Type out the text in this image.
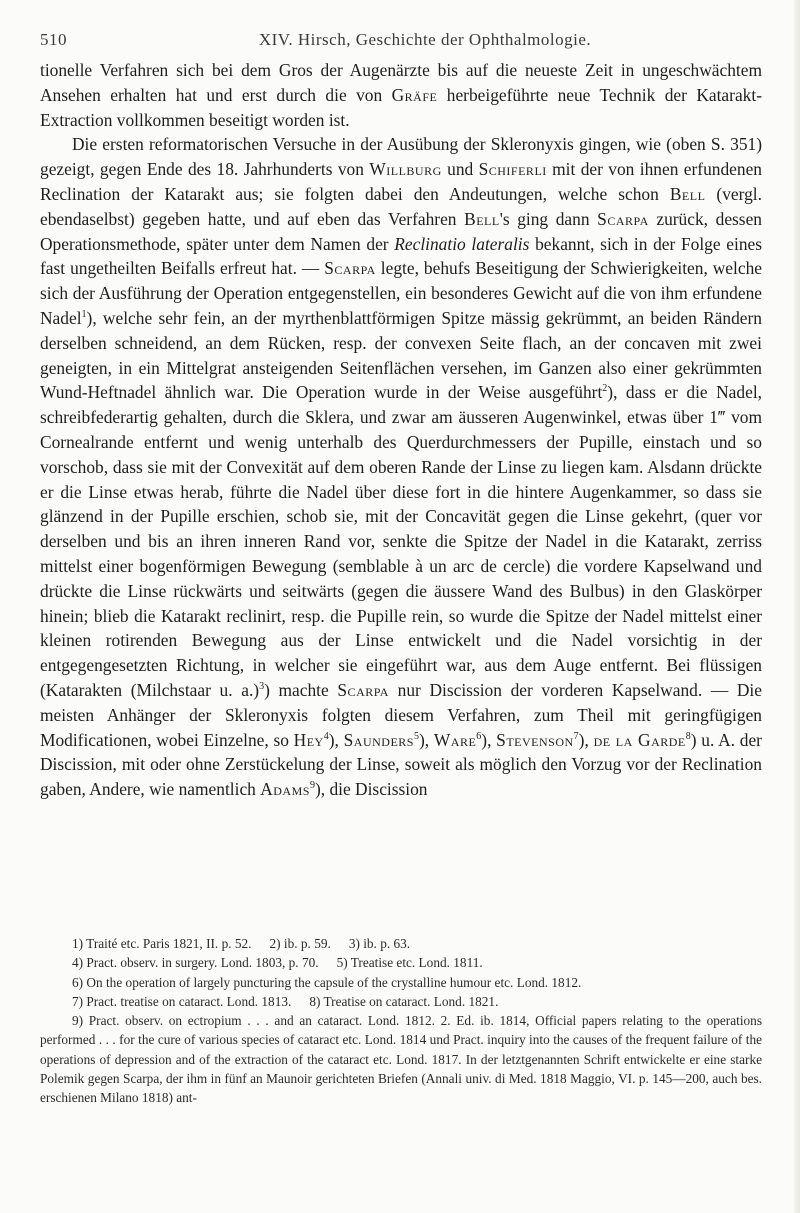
510	XIV. Hirsch, Geschichte der Ophthalmologie.

tionelle Verfahren sich bei dem Gros der Augenärzte bis auf die neueste Zeit in ungeschwächtem Ansehen erhalten hat und erst durch die von Gräfe herbeigeführte neue Technik der Katarakt-Extraction vollkommen beseitigt worden ist.

Die ersten reformatorischen Versuche in der Ausübung der Skleronyxis gingen, wie (oben S. 351) gezeigt, gegen Ende des 18. Jahrhunderts von Willburg und Schiferli mit der von ihnen erfundenen Reclination der Katarakt aus; sie folgten dabei den Andeutungen, welche schon Bell (vergl. ebendaselbst) gegeben hatte, und auf eben das Verfahren Bell's ging dann Scarpa zurück, dessen Operationsmethode, später unter dem Namen der Reclinatio lateralis bekannt, sich in der Folge eines fast ungetheilten Beifalls erfreut hat. — Scarpa legte, behufs Beseitigung der Schwierigkeiten, welche sich der Ausführung der Operation entgegenstellen, ein besonderes Gewicht auf die von ihm erfundene Nadel$^1$), welche sehr fein, an der myrthenblattförmigen Spitze mässig gekrümmt, an beiden Rändern derselben schneidend, an dem Rücken, resp. der convexen Seite flach, an der concaven mit zwei geneigten, in ein Mittelgrat ansteigenden Seitenflächen versehen, im Ganzen also einer gekrümmten Wund-Heftnadel ähnlich war. Die Operation wurde in der Weise ausgeführt$^2$), dass er die Nadel, schreibfederartig gehalten, durch die Sklera, und zwar am äusseren Augenwinkel, etwas über 1‴ vom Cornealrande entfernt und wenig unterhalb des Querdurchmessers der Pupille, einstach und so vorschob, dass sie mit der Convexität auf dem oberen Rande der Linse zu liegen kam. Alsdann drückte er die Linse etwas herab, führte die Nadel über diese fort in die hintere Augenkammer, so dass sie glänzend in der Pupille erschien, schob sie, mit der Concavität gegen die Linse gekehrt, (quer vor derselben und bis an ihren inneren Rand vor, senkte die Spitze der Nadel in die Katarakt, zerriss mittelst einer bogenförmigen Bewegung (semblable à un arc de cercle) die vordere Kapselwand und drückte die Linse rückwärts und seitwärts (gegen die äussere Wand des Bulbus) in den Glaskörper hinein; blieb die Katarakt reclinirt, resp. die Pupille rein, so wurde die Spitze der Nadel mittelst einer kleinen rotirenden Bewegung aus der Linse entwickelt und die Nadel vorsichtig in der entgegengesetzten Richtung, in welcher sie eingeführt war, aus dem Auge entfernt. Bei flüssigen (Katarakten (Milchstaar u. a.)$^3$) machte Scarpa nur Discission der vorderen Kapselwand. — Die meisten Anhänger der Skleronyxis folgten diesem Verfahren, zum Theil mit geringfügigen Modificationen, wobei Einzelne, so Hey$^4$), Saunders$^5$), Ware$^6$), Stevenson$^7$), de la Garde$^8$) u. A. der Discission, mit oder ohne Zerstückelung der Linse, soweit als möglich den Vorzug vor der Reclination gaben, Andere, wie namentlich Adams$^9$), die Discission

1) Traité etc. Paris 1821, II. p. 52. 2) ib. p. 59. 3) ib. p. 63.

4) Pract. observ. in surgery. Lond. 1803, p. 70. 5) Treatise etc. Lond. 1811.

6) On the operation of largely puncturing the capsule of the crystalline humour etc. Lond. 1812.

7) Pract. treatise on cataract. Lond. 1813. 8) Treatise on cataract. Lond. 1821.

9) Pract. observ. on ectropium . . . and an cataract. Lond. 1812. 2. Ed. ib. 1814, Official papers relating to the operations performed . . . for the cure of various species of cataract etc. Lond. 1814 und Pract. inquiry into the causes of the frequent failure of the operations of depression and of the extraction of the cataract etc. Lond. 1817. In der letztgenannten Schrift entwickelte er eine starke Polemik gegen Scarpa, der ihm in fünf an Maunoir gerichteten Briefen (Annali univ. di Med. 1818 Maggio, VI. p. 145—200, auch bes. erschienen Milano 1818) ant-
